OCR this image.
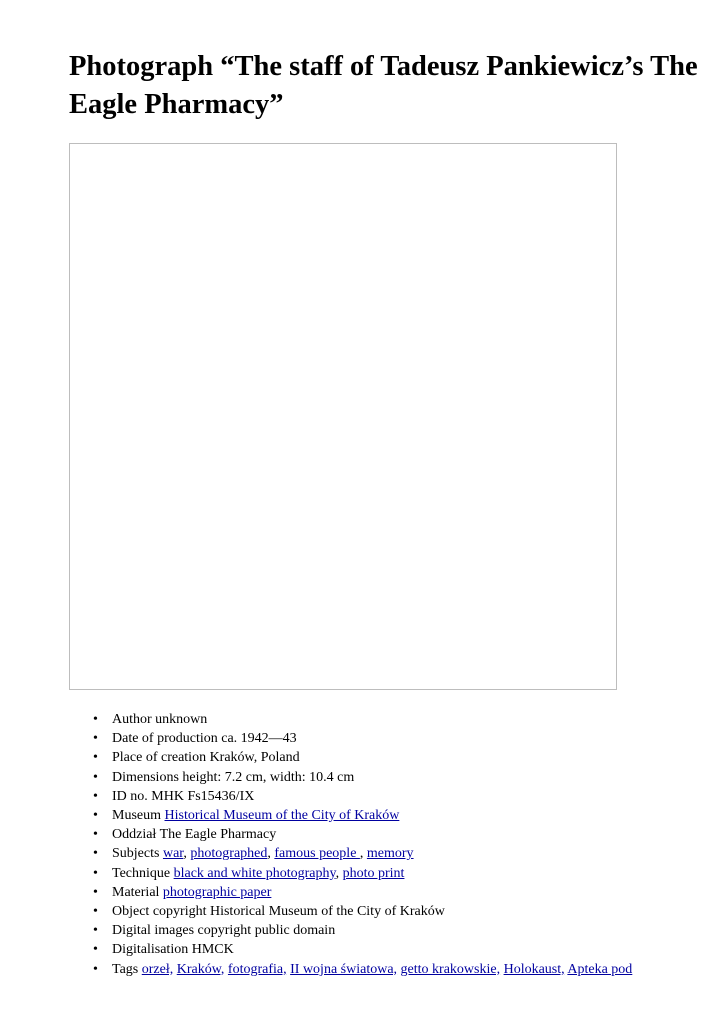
Photograph “The staff of Tadeusz Pankiewicz’s The Eagle Pharmacy”
• Author unknown
• Date of production ca. 1942—43
• Place of creation Kraków, Poland
• Dimensions height: 7.2 cm, width: 10.4 cm
• ID no. MHK Fs15436/IX
• Museum Historical Museum of the City of Kraków
• Oddział The Eagle Pharmacy
• Subjects war, photographed, famous people , memory
• Technique black and white photography, photo print
• Material photographic paper
• Object copyright Historical Museum of the City of Kraków
• Digital images copyright public domain
• Digitalisation HMCK
• Tags orzeł, Kraków, fotografia, II wojna światowa, getto krakowskie, Holokaust, Apteka pod
